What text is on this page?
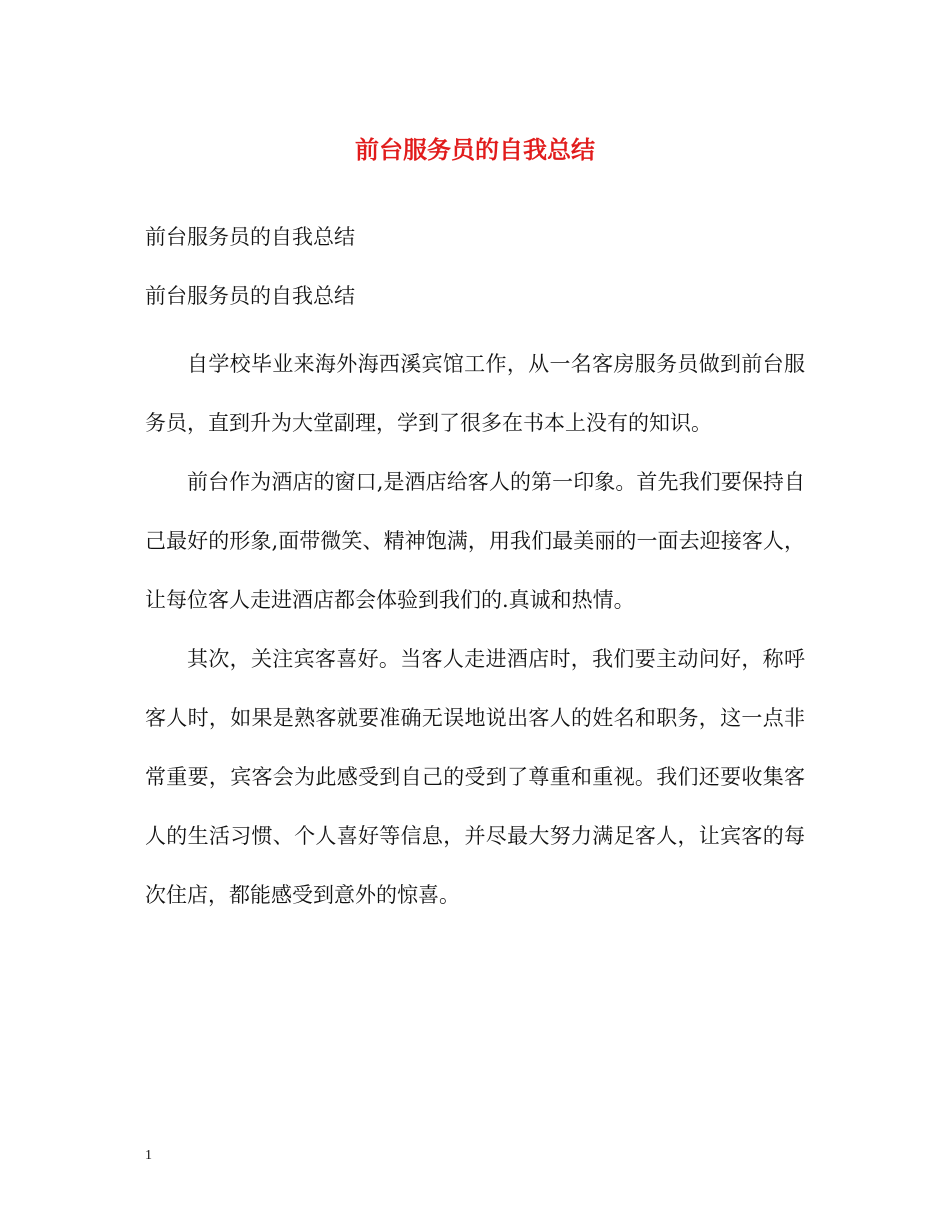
前台服务员的自我总结
前台服务员的自我总结
前台服务员的自我总结

自学校毕业来海外海西溪宾馆工作，从一名客房服务员做到前台服务员，直到升为大堂副理，学到了很多在书本上没有的知识。

前台作为酒店的窗口,是酒店给客人的第一印象。首先我们要保持自己最好的形象,面带微笑、精神饱满，用我们最美丽的一面去迎接客人，让每位客人走进酒店都会体验到我们的.真诚和热情。

其次，关注宾客喜好。当客人走进酒店时，我们要主动问好，称呼客人时，如果是熟客就要准确无误地说出客人的姓名和职务，这一点非常重要，宾客会为此感受到自己的受到了尊重和重视。我们还要收集客人的生活习惯、个人喜好等信息，并尽最大努力满足客人，让宾客的每次住店，都能感受到意外的惊喜。

1
